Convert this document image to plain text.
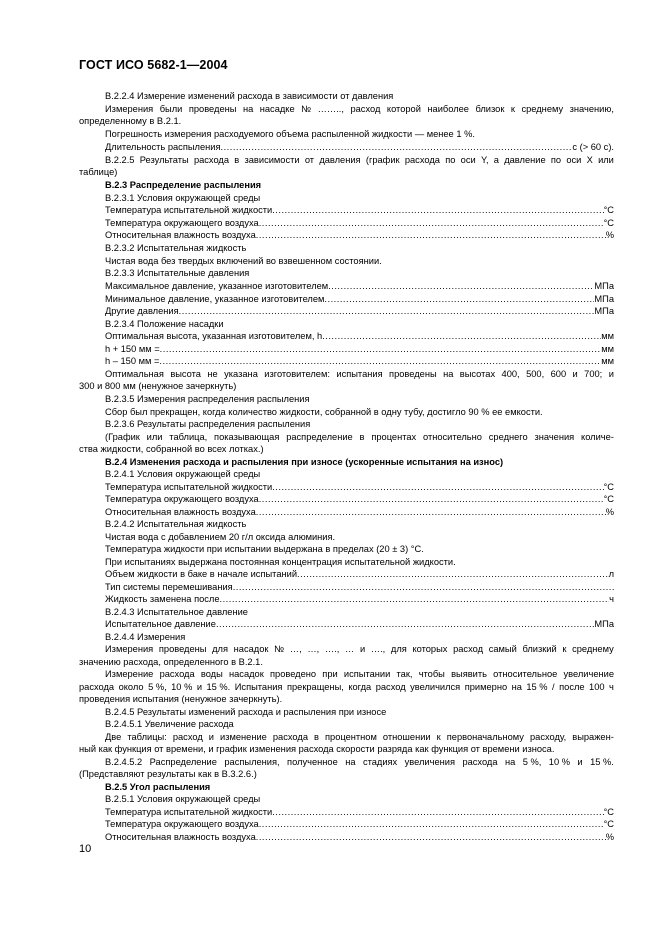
ГОСТ ИСО 5682-1—2004
B.2.2.4 Измерение изменений расхода в зависимости от давления
Измерения были проведены на насадке № …….., расход которой наиболее близок к среднему значению,
определенному в B.2.1.
Погрешность измерения расходуемого объема распыленной жидкости — менее 1 %.
Длительность распыления .....	с (> 60 с).
B.2.2.5 Результаты расхода в зависимости от давления (график расхода по оси Y, а давление по оси X или
таблице)
B.2.3 Распределение распыления
B.2.3.1 Условия окружающей среды
Температура испытательной жидкости .....	°C
Температура окружающего воздуха .....	°C
Относительная влажность воздуха .....	%
B.2.3.2 Испытательная жидкость
Чистая вода без твердых включений во взвешенном состоянии.
B.2.3.3 Испытательные давления
Максимальное давление, указанное изготовителем .....	МПа
Минимальное давление, указанное изготовителем .....	МПа
Другие давления .....	МПа
B.2.3.4 Положение насадки
Оптимальная высота, указанная изготовителем, h .....	мм
h + 150 мм = .....	мм
h – 150 мм = .....	мм
Оптимальная высота не указана изготовителем: испытания проведены на высотах 400, 500, 600 и 700; и
300 и 800 мм (ненужное зачеркнуть)
B.2.3.5 Измерения распределения распыления
Сбор был прекращен, когда количество жидкости, собранной в одну тубу, достигло 90 % ее емкости.
B.2.3.6 Результаты распределения распыления
(График или таблица, показывающая распределение в процентах относительно среднего значения количе-
ства жидкости, собранной во всех лотках.)
B.2.4 Изменения расхода и распыления при износе (ускоренные испытания на износ)
B.2.4.1 Условия окружающей среды
Температура испытательной жидкости .....	°C
Температура окружающего воздуха .....	°C
Относительная влажность воздуха .....	%
B.2.4.2 Испытательная жидкость
Чистая вода с добавлением 20 г/л оксида алюминия.
Температура жидкости при испытании выдержана в пределах (20 ± 3) °С.
При испытаниях выдержана постоянная концентрация испытательной жидкости.
Объем жидкости в баке в начале испытаний .....	л
Тип системы перемешивания
.....
Жидкость заменена после .....	ч
B.2.4.3 Испытательное давление
Испытательное давление .....	МПа
B.2.4.4 Измерения
Измерения проведены для насадок № …, …, …., … и …., для которых расход самый близкий к среднему
значению расхода, определенного в B.2.1.
Измерение расхода воды насадок проведено при испытании так, чтобы выявить относительное увеличение
расхода около 5 %, 10 % и 15 %. Испытания прекращены, когда расход увеличился примерно на 15 % / после 100 ч
проведения испытания (ненужное зачеркнуть).
B.2.4.5 Результаты изменений расхода и распыления при износе
B.2.4.5.1 Увеличение расхода
Две таблицы: расход и изменение расхода в процентном отношении к первоначальному расходу, выражен-
ный как функция от времени, и график изменения расхода скорости разряда как функция от времени износа.
B.2.4.5.2 Распределение распыления, полученное на стадиях увеличения расхода на 5 %, 10 % и 15 %.
(Представляют результаты как в B.3.2.6.)
B.2.5 Угол распыления
B.2.5.1 Условия окружающей среды
Температура испытательной жидкости .....	°C
Температура окружающего воздуха .....	°C
Относительная влажность воздуха .....	%
10
